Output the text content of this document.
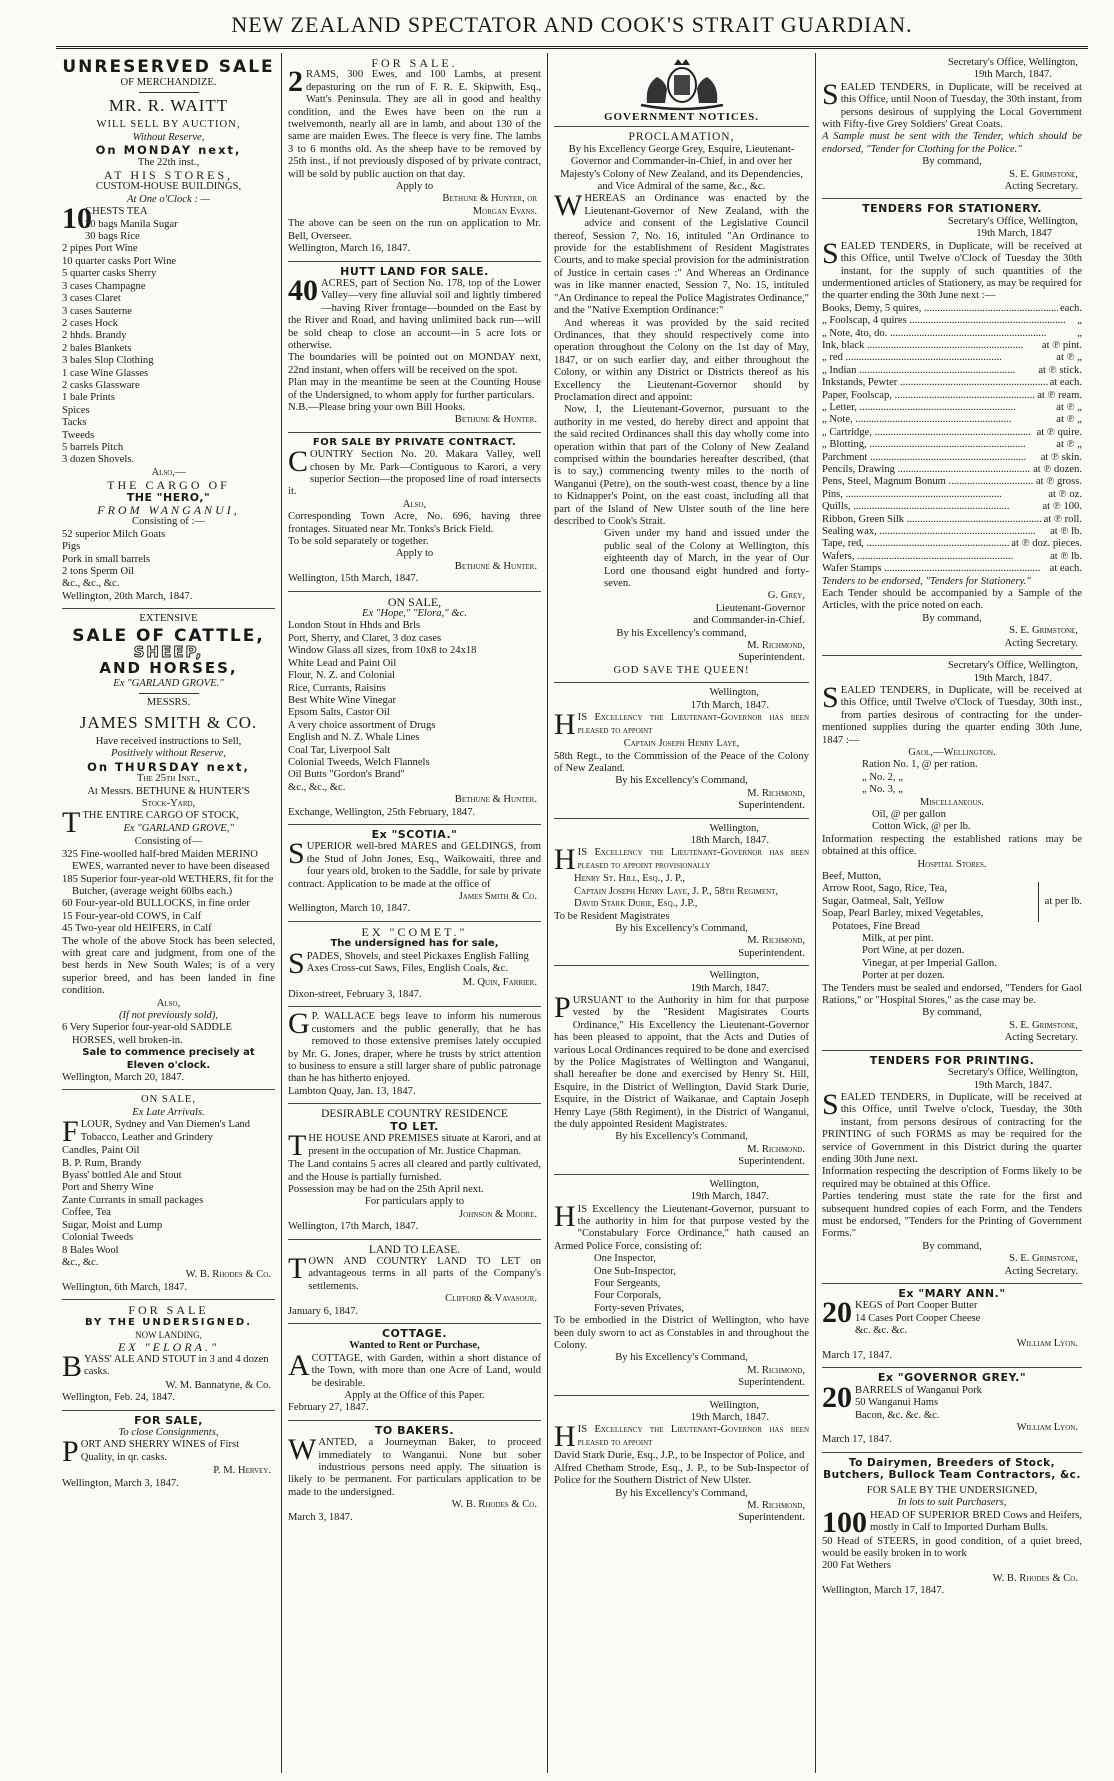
NEW ZEALAND SPECTATOR AND COOK'S STRAIT GUARDIAN.
UNRESERVED SALE
OF MERCHANDIZE.
MR. R. WAITT
WILL SELL BY AUCTION,
Without Reserve,
On MONDAY next,
The 22th inst.,
AT HIS STORES,
CUSTOM-HOUSE BUILDINGS,
At One o'Clock : —
10
CHESTS TEA
20 bags Manila Sugar
30 bags Rice
2 pipes Port Wine
10 quarter casks Port Wine
5 quarter casks Sherry
3 cases Champagne
3 cases Claret
3 cases Sauterne
2 cases Hock
2 hhds. Brandy
2 bales Blankets
3 bales Slop Clothing
1 case Wine Glasses
2 casks Glassware
1 bale Prints
Spices
Tacks
Tweeds
5 barrels Pitch
3 dozen Shovels.
Also,—
THE CARGO OF
THE "HERO,"
FROM WANGANUI,
Consisting of :—
52 superior Milch Goats
Pigs
Pork in small barrels
2 tons Sperm Oil
&c., &c., &c.
Wellington, 20th March, 1847.
EXTENSIVE
SALE OF CATTLE,
SHEEP,
AND HORSES,
Ex "GARLAND GROVE."
MESSRS.
JAMES SMITH & CO.
Have received instructions to Sell,
Positively without Reserve,
On THURSDAY next,
The 25th Inst.,
At Messrs. BETHUNE & HUNTER'S
Stock-Yard,
TTHE ENTIRE CARGO OF STOCK,
Ex "GARLAND GROVE,"
Consisting of—
325 Fine-woolled half-bred Maiden MERINO EWES, warranted never to have been diseased
185 Superior four-year-old WETHERS, fit for the Butcher, (average weight 60lbs each.)
60 Four-year-old BULLOCKS, in fine order
15 Four-year-old COWS, in Calf
45 Two-year old HEIFERS, in Calf
The whole of the above Stock has been selected, with great care and judgment, from one of the best herds in New South Wales; is of a very superior breed, and has been landed in fine condition.
Also,
(If not previously sold),
6 Very Superior four-year-old SADDLE HORSES, well broken-in.
Sale to commence precisely at Eleven o'clock.
Wellington, March 20, 1847.
ON SALE,
Ex Late Arrivals.
FLOUR, Sydney and Van Diemen's Land Tobacco, Leather and Grindery
Candles, Paint Oil
B. P. Rum, Brandy
Byass' bottled Ale and Stout
Port and Sherry Wine
Zante Currants in small packages
Coffee, Tea
Sugar, Moist and Lump
Colonial Tweeds
8 Bales Wool
&c., &c.
W. B. Rhodes & Co.
Wellington, 6th March, 1847.
FOR SALE
BY THE UNDERSIGNED.
NOW LANDING,
EX "ELORA."
BYASS' ALE AND STOUT in 3 and 4 dozen casks.
W. M. Bannatyne, & Co.
Wellington, Feb. 24, 1847.
FOR SALE,
To close Consignments,
PORT AND SHERRY WINES of First Quality, in qr. casks.
P. M. Hervey.
Wellington, March 3, 1847.
FOR SALE.
2 RAMS, 300 Ewes, and 100 Lambs, at present depasturing on the run of F. R. E. Skipwith, Esq., Watt's Peninsula. They are all in good and healthy condition, and the Ewes have been on the run a twelvemonth, nearly all are in lamb, and about 130 of the same are maiden Ewes. The fleece is very fine. The lambs 3 to 6 months old. As the sheep have to be removed by 25th inst., if not previously disposed of by private contract, will be sold by public auction on that day.
Apply to
Bethune & Hunter, or
Morgan Evans.
The above can be seen on the run on application to Mr. Bell, Overseer.
Wellington, March 16, 1847.
HUTT LAND FOR SALE.
40 ACRES, part of Section No. 178, top of the Lower Valley—very fine alluvial soil and lightly timbered—having River frontage—bounded on the East by the River and Road, and having unlimited back run—will be sold cheap to close an account—in 5 acre lots or otherwise.
The boundaries will be pointed out on MONDAY next, 22nd instant, when offers will be received on the spot.
Plan may in the meantime be seen at the Counting House of the Undersigned, to whom apply for further particulars.
N.B.—Please bring your own Bill Hooks.
Bethune & Hunter.
FOR SALE BY PRIVATE CONTRACT.
COUNTRY Section No. 20. Makara Valley, well chosen by Mr. Park—Contiguous to Karori, a very superior Section—the proposed line of road intersects it.
Also,
Corresponding Town Acre, No. 696, having three frontages. Situated near Mr. Tonks's Brick Field.
To be sold separately or together.
Apply to
Bethune & Hunter.
Wellington, 15th March, 1847.
ON SALE,
Ex "Hope," "Elora," &c.
London Stout in Hhds and Brls
Port, Sherry, and Claret, 3 doz cases
Window Glass all sizes, from 10x8 to 24x18
White Lead and Paint Oil
Flour, N. Z. and Colonial
Rice, Currants, Raisins
Best White Wine Vinegar
Epsom Salts, Castor Oil
A very choice assortment of Drugs
English and N. Z. Whale Lines
Coal Tar, Liverpool Salt
Colonial Tweeds, Welch Flannels
Oil Butts "Gordon's Brand"
&c., &c., &c.
Bethune & Hunter.
Exchange, Wellington, 25th February, 1847.
Ex "SCOTIA."
SUPERIOR well-bred MARES and GELDINGS, from the Stud of John Jones, Esq., Waikowaiti, three and four years old, broken to the Saddle, for sale by private contract. Application to be made at the office of
James Smith & Co.
Wellington, March 10, 1847.
EX "COMET."
The undersigned has for sale,
SPADES, Shovels, and steel Pickaxes English Falling Axes Cross-cut Saws, Files, English Coals, &c.
M. Quin, Farrier.
Dixon-street, February 3, 1847.
G P. WALLACE begs leave to inform his numerous customers and the public generally, that he has removed to those extensive premises lately occupied by Mr. G. Jones, draper, where he trusts by strict attention to business to ensure a still larger share of public patronage than he has hitherto enjoyed.
Lambton Quay, Jan. 13, 1847.
DESIRABLE COUNTRY RESIDENCE
TO LET.
THE HOUSE AND PREMISES situate at Karori, and at present in the occupation of Mr. Justice Chapman.
The Land contains 5 acres all cleared and partly cultivated, and the House is partially furnished.
Possession may be had on the 25th April next.
For particulars apply to
Johnson & Moore.
Wellington, 17th March, 1847.
LAND TO LEASE.
TOWN AND COUNTRY LAND TO LET on advantageous terms in all parts of the Company's settlements.
Clifford & Vavasour.
January 6, 1847.
COTTAGE.
Wanted to Rent or Purchase,
ACOTTAGE, with Garden, within a short distance of the Town, with more than one Acre of Land, would be desirable.
Apply at the Office of this Paper.
February 27, 1847.
TO BAKERS.
WANTED, a Journeyman Baker, to proceed immediately to Wanganui. None but sober industrious persons need apply. The situation is likely to be permanent. For particulars application to be made to the undersigned.
W. B. Rhodes & Co.
March 3, 1847.
GOVERNMENT NOTICES.
PROCLAMATION,
By his Excellency George Grey, Esquire, Lieutenant-Governor and Commander-in-Chief, in and over her Majesty's Colony of New Zealand, and its Dependencies, and Vice Admiral of the same, &c., &c.
WHEREAS an Ordinance was enacted by the Lieutenant-Governor of New Zealand, with the advice and consent of the Legislative Council thereof, Session 7, No. 16, intituled "An Ordinance to provide for the establishment of Resident Magistrates Courts, and to make special provision for the administration of Justice in certain cases :" And Whereas an Ordinance was in like manner enacted, Session 7, No. 15, intituled "An Ordinance to repeal the Police Magistrates Ordinance," and the "Native Exemption Ordinance:"
And whereas it was provided by the said recited Ordinances, that they should respectively come into operation throughout the Colony on the 1st day of May, 1847, or on such earlier day, and either throughout the Colony, or within any District or Districts thereof as his Excellency the Lieutenant-Governor should by Proclamation direct and appoint:
Now, I, the Lieutenant-Governor, pursuant to the authority in me vested, do hereby direct and appoint that the said recited Ordinances shall this day wholly come into operation within that part of the Colony of New Zealand comprised within the boundaries hereafter described, (that is to say,) commencing twenty miles to the north of Wanganui (Petre), on the south-west coast, thence by a line to Kidnapper's Point, on the east coast, including all that part of the Island of New Ulster south of the line here described to Cook's Strait.
Given under my hand and issued under the public seal of the Colony at Wellington, this eighteenth day of March, in the year of Our Lord one thousand eight hundred and forty-seven.
G. Grey,
Lieutenant-Governor
and Commander-in-Chief.
By his Excellency's command,
M. Richmond,
Superintendent.
GOD SAVE THE QUEEN!
Wellington,
17th March, 1847.
HIS Excellency the Lieutenant-Governor has been pleased to appoint
Captain Joseph Henry Laye,
58th Regt., to the Commission of the Peace of the Colony of New Zealand.
By his Excellency's Command,
M. Richmond,
Superintendent.
Wellington,
18th March, 1847.
HIS Excellency the Lieutenant-Governor has been pleased to appoint provisionally
Henry St. Hill, Esq., J. P.,
Captain Joseph Henry Laye, J. P., 58th Regiment,
David Stark Durie, Esq., J.P.,
To be Resident Magistrates
By his Excellency's Command,
M. Richmond,
Superintendent.
Wellington,
19th March, 1847.
PURSUANT to the Authority in him for that purpose vested by the "Resident Magistrates Courts Ordinance," His Excellency the Lieutenant-Governor has been pleased to appoint, that the Acts and Duties of various Local Ordinances required to be done and exercised by the Police Magistrates of Wellington and Wanganui, shall hereafter be done and exercised by Henry St. Hill, Esquire, in the District of Wellington, David Stark Durie, Esquire, in the District of Waikanae, and Captain Joseph Henry Laye (58th Regiment), in the District of Wanganui, the duly appointed Resident Magistrates.
By his Excellency's Command,
M. Richmond.
Superintendent.
Wellington,
19th March, 1847.
HIS Excellency the Lieutenant-Governor, pursuant to the authority in him for that purpose vested by the "Constabulary Force Ordinance," hath caused an Armed Police Force, consisting of:
One Inspector,
One Sub-Inspector,
Four Sergeants,
Four Corporals,
Forty-seven Privates,
To be embodied in the District of Wellington, who have been duly sworn to act as Constables in and throughout the Colony.
By his Excellency's Command,
M. Richmond,
Superintendent.
Wellington,
19th March, 1847.
HIS Excellency the Lieutenant-Governor has been pleased to appoint
David Stark Durie, Esq., J.P., to be Inspector of Police, and
Alfred Chetham Strode, Esq., J. P., to be Sub-Inspector of Police for the Southern District of New Ulster.
By his Excellency's Command,
M. Richmond,
Superintendent.
Secretary's Office, Wellington,
19th March, 1847.
SEALED TENDERS, in Duplicate, will be received at this Office, until Noon of Tuesday, the 30th instant, from persons desirous of supplying the Local Government with Fifty-five Grey Soldiers' Great Coats.
A Sample must be sent with the Tender, which should be endorsed, "Tender for Clothing for the Police."
By command,
S. E. Grimstone,
Acting Secretary.
TENDERS FOR STATIONERY.
Secretary's Office, Wellington,
19th March, 1847
SEALED TENDERS, in Duplicate, will be received at this Office, until Twelve o'Clock of Tuesday the 30th instant, for the supply of such quantities of the undermentioned articles of Stationery, as may be required for the quarter ending the 30th June next :—
Books, Demy, 5 quires, .....	each.
„ Foolscap, 4 quires .....	„
„ Note, 4to, do. .....	„
Ink, black .....	at ℗ pint.
„ red .....	at ℗ „
„ Indian .....	at ℗ stick.
Inkstands, Pewter .....	at each.
Paper, Foolscap, .....	at ℗ ream.
„ Letter, .....	at ℗ „
„ Note, .....	at ℗ „
„ Cartridge, .....	at ℗ quire.
„ Blotting, .....	at ℗ „
Parchment .....	at ℗ skin.
Pencils, Drawing .....	at ℗ dozen.
Pens, Steel, Magnum Bonum .....	at ℗ gross.
Pins, .....	at ℗ oz.
Quills, .....	at ℗ 100.
Ribbon, Green Silk .....	at ℗ roll.
Sealing wax, .....	at ℗ lb.
Tape, red, .....	at ℗ doz. pieces.
Wafers, .....	at ℗ lb.
Wafer Stamps .....	at each.
Tenders to be endorsed, "Tenders for Stationery."
Each Tender should be accompanied by a Sample of the Articles, with the price noted on each.
By command,
S. E. Grimstone,
Acting Secretary.
Secretary's Office, Wellington,
19th March, 1847.
SEALED TENDERS, in Duplicate, will be received at this Office, until Twelve o'Clock of Tuesday, 30th inst., from parties desirous of contracting for the under-mentioned supplies during the quarter ending 30th June, 1847 :—
Gaol,—Wellington.
Ration No. 1, @ per ration.
„ No. 2, „
„ No. 3, „
Miscellaneous.
Oil, @ per gallon
Cotton Wick, @ per lb.
Information respecting the established rations may be obtained at this office.
Hospital Stores.
Beef, Mutton,
Arrow Root, Sago, Rice, Tea,
Sugar, Oatmeal, Salt, Yellow
Soap, Pearl Barley, mixed Vegetables, Potatoes, Fine Bread
at per lb.
Milk, at per pint.
Port Wine, at per dozen.
Vinegar, at per Imperial Gallon.
Porter at per dozen.
The Tenders must be sealed and endorsed, "Tenders for Gaol Rations," or "Hospital Stores," as the case may be.
By command,
S. E. Grimstone,
Acting Secretary.
TENDERS FOR PRINTING.
Secretary's Office, Wellington,
19th March, 1847.
SEALED TENDERS, in Duplicate, will be received at this Office, until Twelve o'clock, Tuesday, the 30th instant, from persons desirous of contracting for the PRINTING of such FORMS as may be required for the service of Government in this District during the quarter ending 30th June next.
Information respecting the description of Forms likely to be required may be obtained at this Office.
Parties tendering must state the rate for the first and subsequent hundred copies of each Form, and the Tenders must be endorsed, "Tenders for the Printing of Government Forms."
By command,
S. E. Grimstone,
Acting Secretary.
Ex "MARY ANN."
20 KEGS of Port Cooper Butter
14 Cases Port Cooper Cheese
&c. &c. &c.
William Lyon.
March 17, 1847.
Ex "GOVERNOR GREY."
20 BARRELS of Wanganui Pork
50 Wanganui Hams
Bacon, &c. &c. &c.
William Lyon.
March 17, 1847.
To Dairymen, Breeders of Stock, Butchers, Bullock Team Contractors, &c.
FOR SALE BY THE UNDERSIGNED,
In lots to suit Purchasers,
100 HEAD OF SUPERIOR BRED Cows and Heifers, mostly in Calf to Imported Durham Bulls.
50 Head of STEERS, in good condition, of a quiet breed, would be easily broken in to work
200 Fat Wethers
W. B. Rhodes & Co.
Wellington, March 17, 1847.
